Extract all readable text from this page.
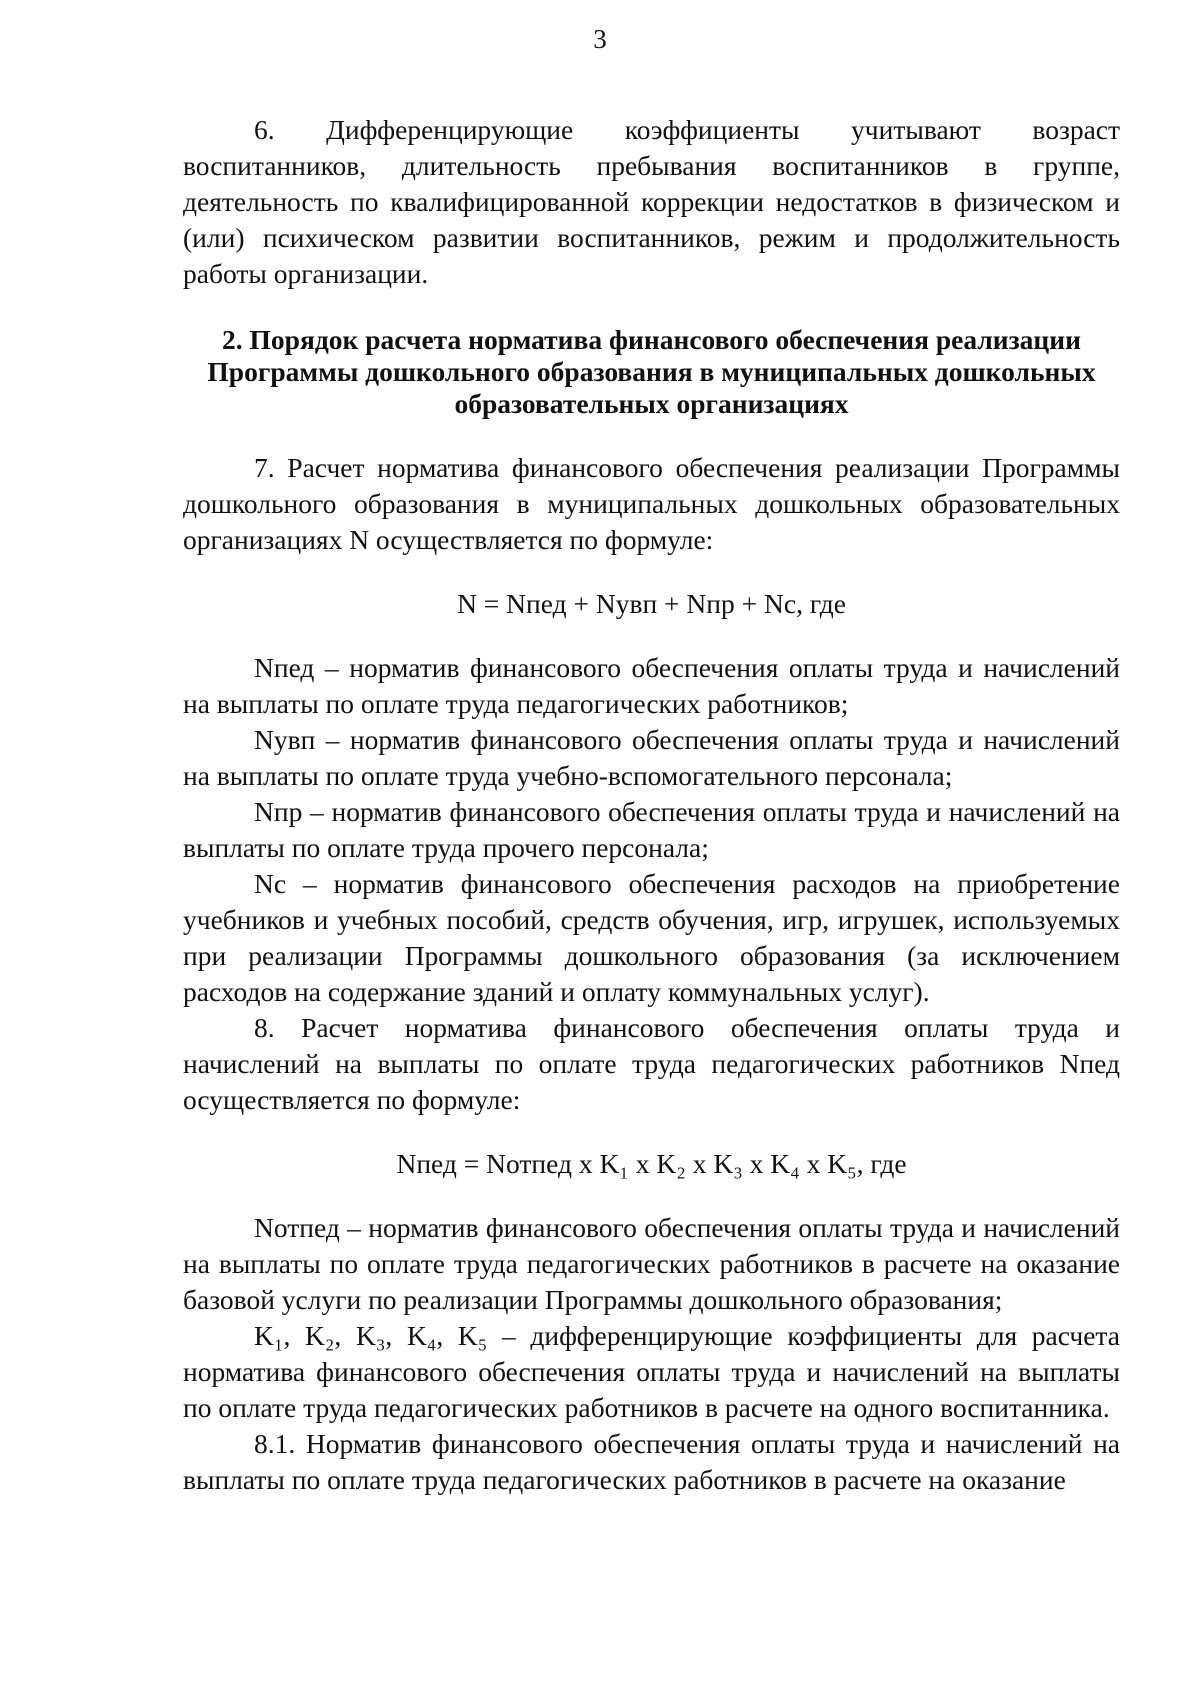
3

6. Дифференцирующие коэффициенты учитывают возраст воспитанников, длительность пребывания воспитанников в группе, деятельность по квалифицированной коррекции недостатков в физическом и (или) психическом развитии воспитанников, режим и продолжительность работы организации.

2. Порядок расчета норматива финансового обеспечения реализации

Программы дошкольного образования в муниципальных дошкольных

образовательных организациях

7. Расчет норматива финансового обеспечения реализации Программы дошкольного образования в муниципальных дошкольных образовательных организациях N осуществляется по формуле:

N = Nпед + Nувп + Nпр + Nс, где

Nпед – норматив финансового обеспечения оплаты труда и начислений на выплаты по оплате труда педагогических работников;

Nувп – норматив финансового обеспечения оплаты труда и начислений на выплаты по оплате труда учебно-вспомогательного персонала;

Nпр – норматив финансового обеспечения оплаты труда и начислений на выплаты по оплате труда прочего персонала;

Nс – норматив финансового обеспечения расходов на приобретение учебников и учебных пособий, средств обучения, игр, игрушек, используемых при реализации Программы дошкольного образования (за исключением расходов на содержание зданий и оплату коммунальных услуг).

8. Расчет норматива финансового обеспечения оплаты труда и начислений на выплаты по оплате труда педагогических работников Nпед осуществляется по формуле:

Nпед = Nотпед x K₁ x K₂ x K₃ x K₄ x K₅, где

Nотпед – норматив финансового обеспечения оплаты труда и начислений на выплаты по оплате труда педагогических работников в расчете на оказание базовой услуги по реализации Программы дошкольного образования;

K₁, K₂, K₃, K₄, K₅ – дифференцирующие коэффициенты для расчета норматива финансового обеспечения оплаты труда и начислений на выплаты по оплате труда педагогических работников в расчете на одного воспитанника.

8.1. Норматив финансового обеспечения оплаты труда и начислений на выплаты по оплате труда педагогических работников в расчете на оказание
